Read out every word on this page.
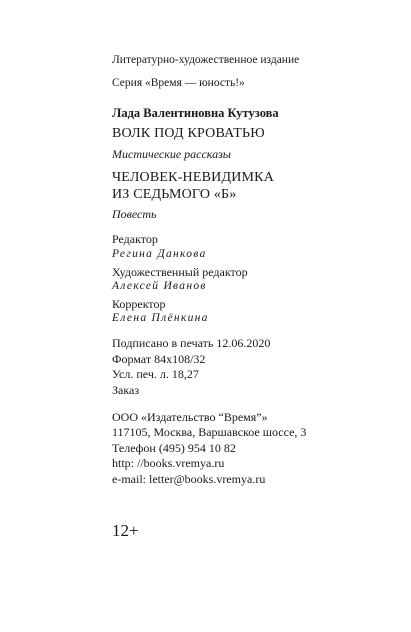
Литературно-художественное издание
Серия «Время — юность!»
Лада Валентиновна Кутузова
ВОЛК ПОД КРОВАТЬЮ
Мистические рассказы
ЧЕЛОВЕК-НЕВИДИМКА
ИЗ СЕДЬМОГО «Б»
Повесть
Редактор
Регина Данкова
Художественный редактор
Алексей Иванов
Корректор
Елена Плёнкина
Подписано в печать 12.06.2020
Формат 84х108/32
Усл. печ. л. 18,27
Заказ
ООО «Издательство “Время”»
117105, Москва, Варшавское шоссе, 3
Телефон (495) 954 10 82
http: //books.vremya.ru
e-mail: letter@books.vremya.ru
12+
